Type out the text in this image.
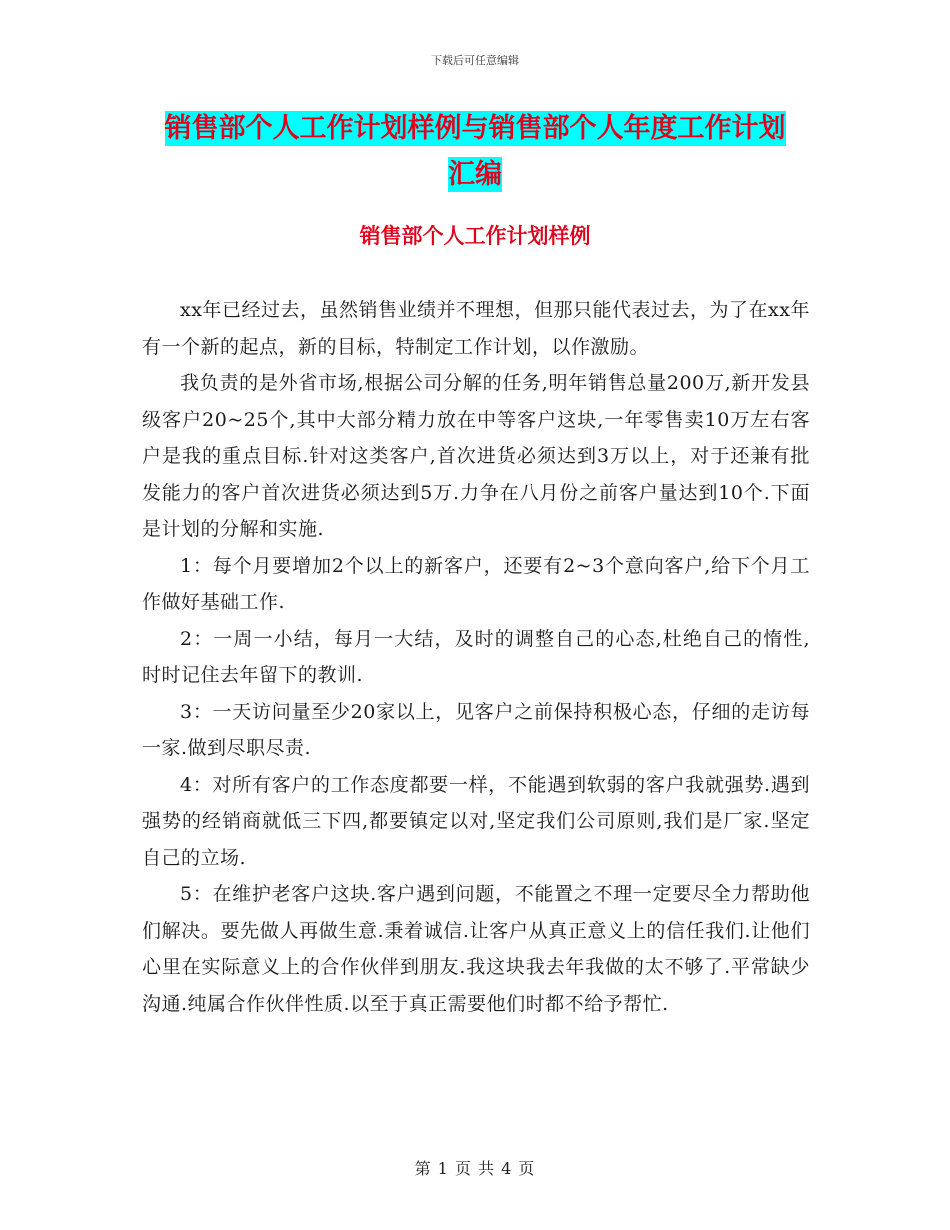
下载后可任意编辑
销售部个人工作计划样例与销售部个人年度工作计划
汇编
销售部个人工作计划样例

xx年已经过去，虽然销售业绩并不理想，但那只能代表过去，为了在xx年有一个新的起点，新的目标，特制定工作计划，以作激励。

我负责的是外省市场,根据公司分解的任务,明年销售总量200万,新开发县级客户20~25个,其中大部分精力放在中等客户这块,一年零售卖10万左右客户是我的重点目标.针对这类客户,首次进货必须达到3万以上，对于还兼有批发能力的客户首次进货必须达到5万.力争在八月份之前客户量达到10个.下面是计划的分解和实施.

1：每个月要增加2个以上的新客户，还要有2~3个意向客户,给下个月工作做好基础工作.

2：一周一小结，每月一大结，及时的调整自己的心态,杜绝自己的惰性,时时记住去年留下的教训.

3：一天访问量至少20家以上，见客户之前保持积极心态，仔细的走访每一家.做到尽职尽责.

4：对所有客户的工作态度都要一样，不能遇到软弱的客户我就强势.遇到强势的经销商就低三下四,都要镇定以对,坚定我们公司原则,我们是厂家.坚定自己的立场.

5：在维护老客户这块.客户遇到问题，不能置之不理一定要尽全力帮助他们解决。要先做人再做生意.秉着诚信.让客户从真正意义上的信任我们.让他们心里在实际意义上的合作伙伴到朋友.我这块我去年我做的太不够了.平常缺少沟通.纯属合作伙伴性质.以至于真正需要他们时都不给予帮忙.

第 1 页 共 4 页
